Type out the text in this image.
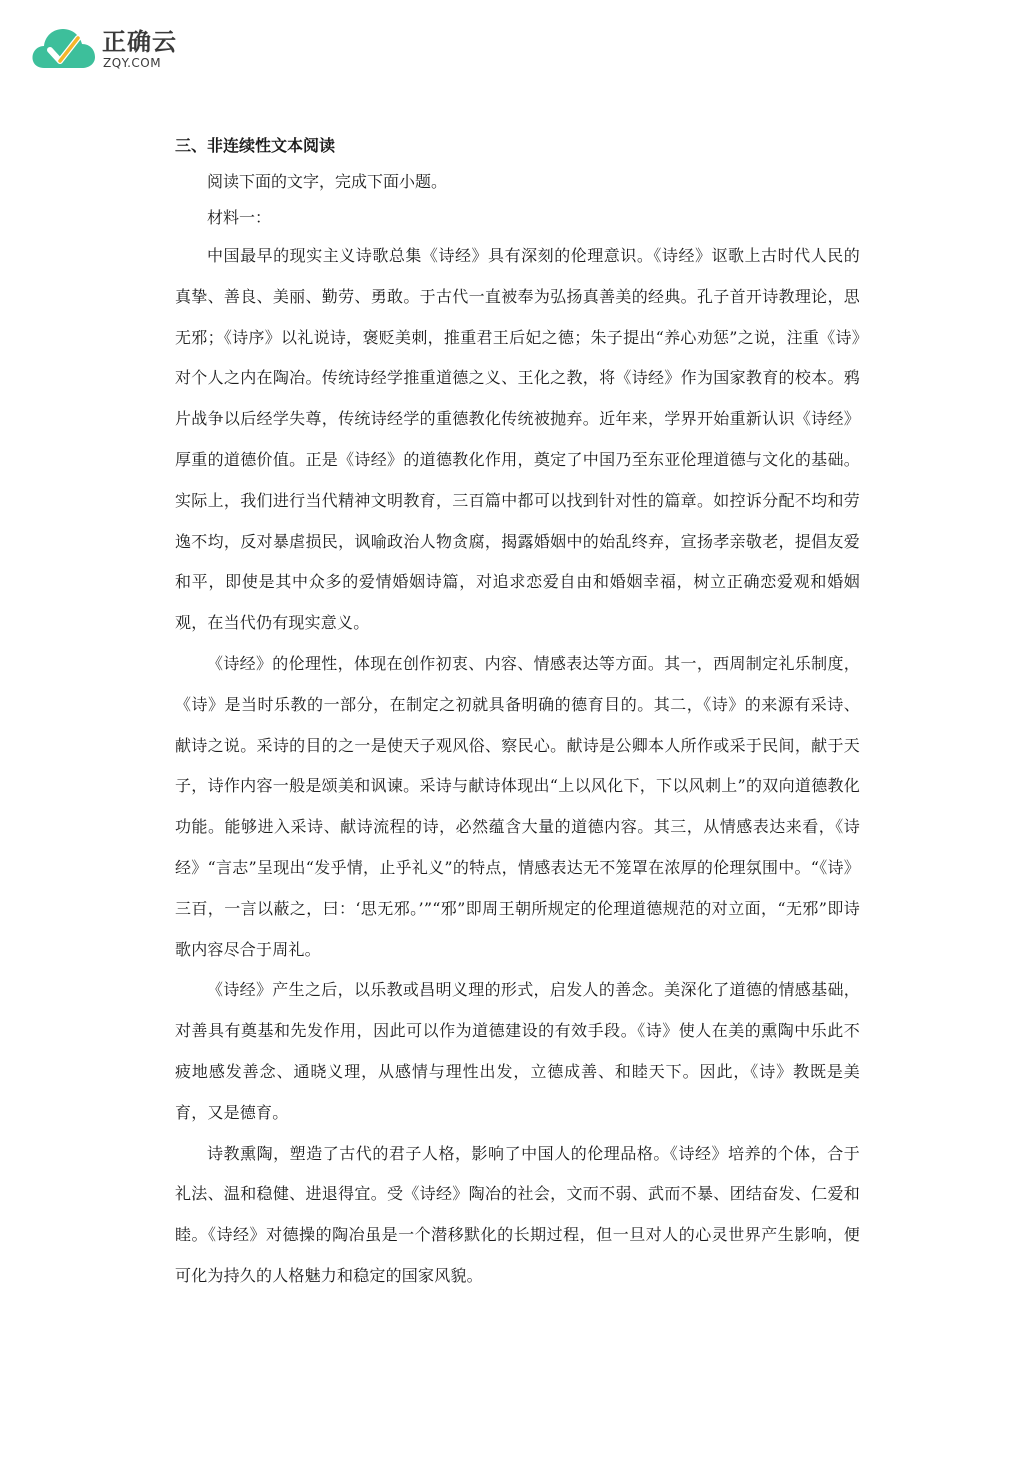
正确云
ZQY.COM
三、非连续性文本阅读

阅读下面的文字，完成下面小题。

材料一：

中国最早的现实主义诗歌总集《诗经》具有深刻的伦理意识。《诗经》讴歌上古时代人民的真挚、善良、美丽、勤劳、勇敢。于古代一直被奉为弘扬真善美的经典。孔子首开诗教理论，思无邪；《诗序》以礼说诗，褒贬美刺，推重君王后妃之德；朱子提出“养心劝惩”之说，注重《诗》对个人之内在陶冶。传统诗经学推重道德之义、王化之教，将《诗经》作为国家教育的校本。鸦片战争以后经学失尊，传统诗经学的重德教化传统被抛弃。近年来，学界开始重新认识《诗经》厚重的道德价值。正是《诗经》的道德教化作用，奠定了中国乃至东亚伦理道德与文化的基础。实际上，我们进行当代精神文明教育，三百篇中都可以找到针对性的篇章。如控诉分配不均和劳逸不均，反对暴虐损民，讽喻政治人物贪腐，揭露婚姻中的始乱终弃，宣扬孝亲敬老，提倡友爱和平，即使是其中众多的爱情婚姻诗篇，对追求恋爱自由和婚姻幸福，树立正确恋爱观和婚姻观，在当代仍有现实意义。

《诗经》的伦理性，体现在创作初衷、内容、情感表达等方面。其一，西周制定礼乐制度，《诗》是当时乐教的一部分，在制定之初就具备明确的德育目的。其二，《诗》的来源有采诗、献诗之说。采诗的目的之一是使天子观风俗、察民心。献诗是公卿本人所作或采于民间，献于天子，诗作内容一般是颂美和讽谏。采诗与献诗体现出“上以风化下，下以风刺上”的双向道德教化功能。能够进入采诗、献诗流程的诗，必然蕴含大量的道德内容。其三，从情感表达来看，《诗经》“言志”呈现出“发乎情，止乎礼义”的特点，情感表达无不笼罩在浓厚的伦理氛围中。“《诗》三百，一言以蔽之，曰：‘思无邪。’”“邪”即周王朝所规定的伦理道德规范的对立面，“无邪”即诗歌内容尽合于周礼。

《诗经》产生之后，以乐教或昌明义理的形式，启发人的善念。美深化了道德的情感基础，对善具有奠基和先发作用，因此可以作为道德建设的有效手段。《诗》使人在美的熏陶中乐此不疲地感发善念、通晓义理，从感情与理性出发，立德成善、和睦天下。因此，《诗》教既是美育，又是德育。

诗教熏陶，塑造了古代的君子人格，影响了中国人的伦理品格。《诗经》培养的个体，合于礼法、温和稳健、进退得宜。受《诗经》陶冶的社会，文而不弱、武而不暴、团结奋发、仁爱和睦。《诗经》对德操的陶冶虽是一个潜移默化的长期过程，但一旦对人的心灵世界产生影响，便可化为持久的人格魅力和稳定的国家风貌。
